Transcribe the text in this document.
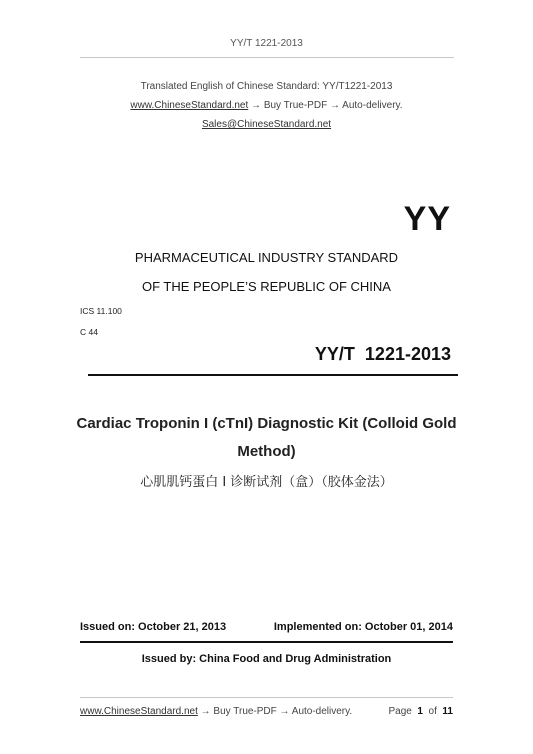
YY/T 1221-2013
Translated English of Chinese Standard: YY/T1221-2013
www.ChineseStandard.net → Buy True-PDF → Auto-delivery.
Sales@ChineseStandard.net
YY
PHARMACEUTICAL INDUSTRY STANDARD
OF THE PEOPLE’S REPUBLIC OF CHINA
ICS 11.100
C 44
YY/T  1221-2013
Cardiac Troponin I (cTnI) Diagnostic Kit (Colloid Gold
Method)
心肌肌钙蛋白 I 诊断试剂（盒）（胶体金法）
Issued on: October 21, 2013	Implemented on: October 01, 2014
Issued by: China Food and Drug Administration
www.ChineseStandard.net → Buy True-PDF → Auto-delivery.	Page 1 of 11
